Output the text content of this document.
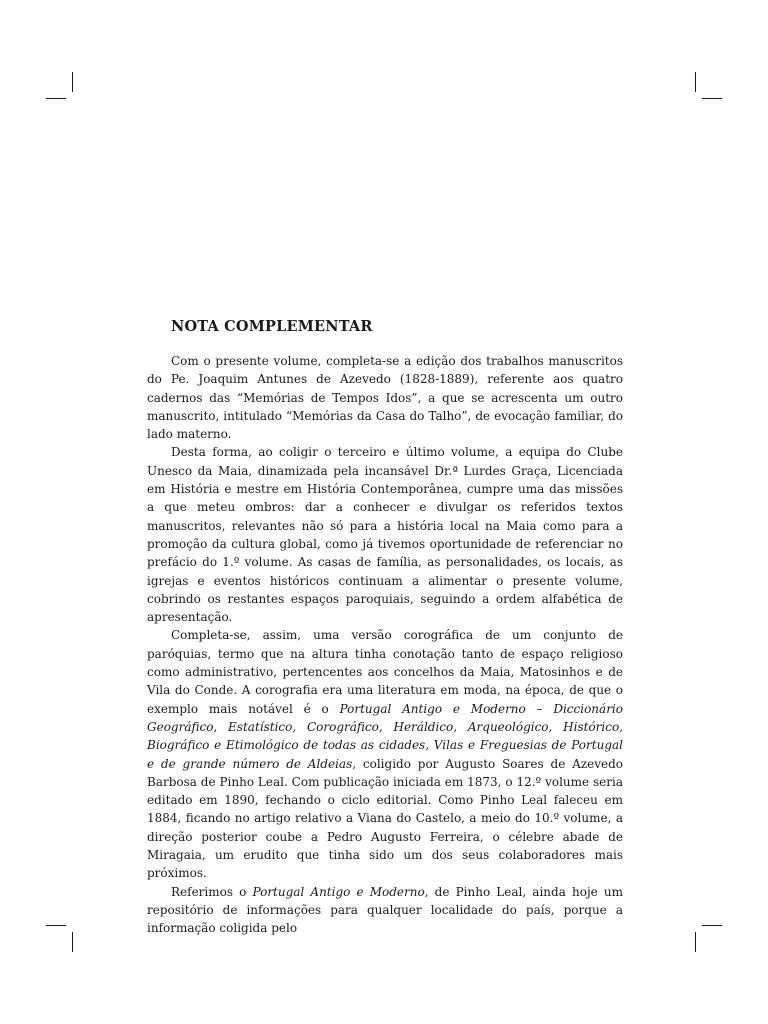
NOTA COMPLEMENTAR

Com o presente volume, completa-se a edição dos trabalhos manuscritos do Pe. Joaquim Antunes de Azevedo (1828-1889), referente aos quatro cadernos das “Memórias de Tempos Idos”, a que se acrescenta um outro manuscrito, intitulado “Memórias da Casa do Talho”, de evocação familiar, do lado materno.

Desta forma, ao coligir o terceiro e último volume, a equipa do Clube Unesco da Maia, dinamizada pela incansável Dr.ª Lurdes Graça, Licenciada em História e mestre em História Contemporânea, cumpre uma das missões a que meteu ombros: dar a conhecer e divulgar os referidos textos manuscritos, relevantes não só para a história local na Maia como para a promoção da cultura global, como já tivemos oportunidade de referenciar no prefácio do 1.º volume. As casas de família, as personalidades, os locais, as igrejas e eventos históricos continuam a alimentar o presente volume, cobrindo os restantes espaços paroquiais, seguindo a ordem alfabética de apresentação.

Completa-se, assim, uma versão corográfica de um conjunto de paróquias, termo que na altura tinha conotação tanto de espaço religioso como administrativo, pertencentes aos concelhos da Maia, Matosinhos e de Vila do Conde. A corografia era uma literatura em moda, na época, de que o exemplo mais notável é o Portugal Antigo e Moderno – Diccionário Geográfico, Estatístico, Corográfico, Heráldico, Arqueológico, Histórico, Biográfico e Etimológico de todas as cidades, Vilas e Freguesias de Portugal e de grande número de Aldeias, coligido por Augusto Soares de Azevedo Barbosa de Pinho Leal. Com publicação iniciada em 1873, o 12.º volume seria editado em 1890, fechando o ciclo editorial. Como Pinho Leal faleceu em 1884, ficando no artigo relativo a Viana do Castelo, a meio do 10.º volume, a direção posterior coube a Pedro Augusto Ferreira, o célebre abade de Miragaia, um erudito que tinha sido um dos seus colaboradores mais próximos.

Referimos o Portugal Antigo e Moderno, de Pinho Leal, ainda hoje um repositório de informações para qualquer localidade do país, porque a informação coligida pelo
